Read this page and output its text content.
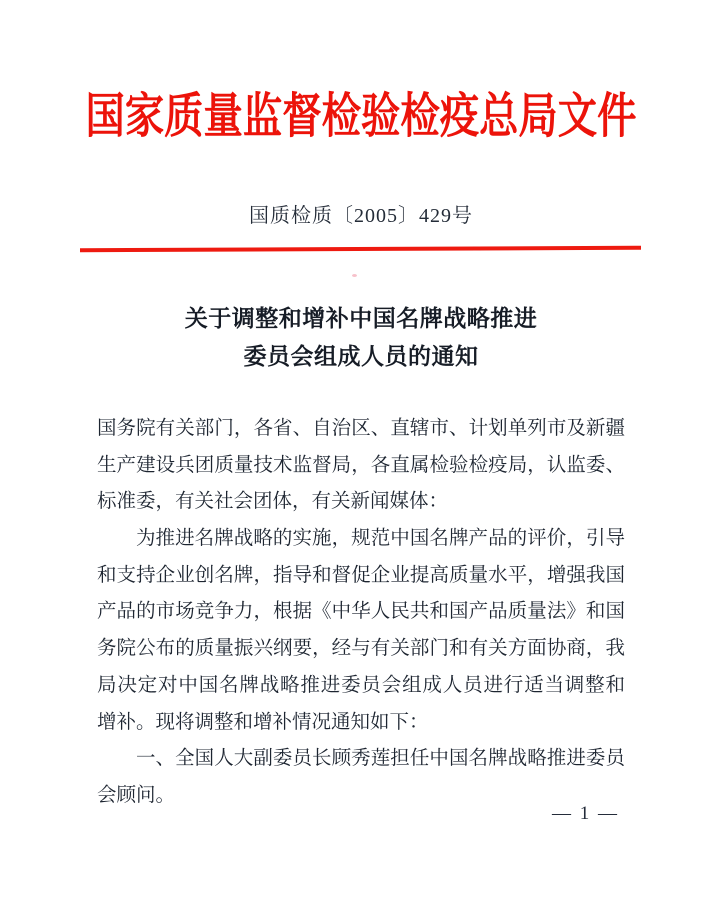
国家质量监督检验检疫总局文件
国质检质〔2005〕429号
关于调整和增补中国名牌战略推进
委员会组成人员的通知
国务院有关部门，各省、自治区、直辖市、计划单列市及新疆
生产建设兵团质量技术监督局，各直属检验检疫局，认监委、
标准委，有关社会团体，有关新闻媒体：
为推进名牌战略的实施，规范中国名牌产品的评价，引导
和支持企业创名牌，指导和督促企业提高质量水平，增强我国
产品的市场竞争力，根据《中华人民共和国产品质量法》和国
务院公布的质量振兴纲要，经与有关部门和有关方面协商，我
局决定对中国名牌战略推进委员会组成人员进行适当调整和
增补。现将调整和增补情况通知如下：
一、全国人大副委员长顾秀莲担任中国名牌战略推进委员
会顾问。
— 1 —
